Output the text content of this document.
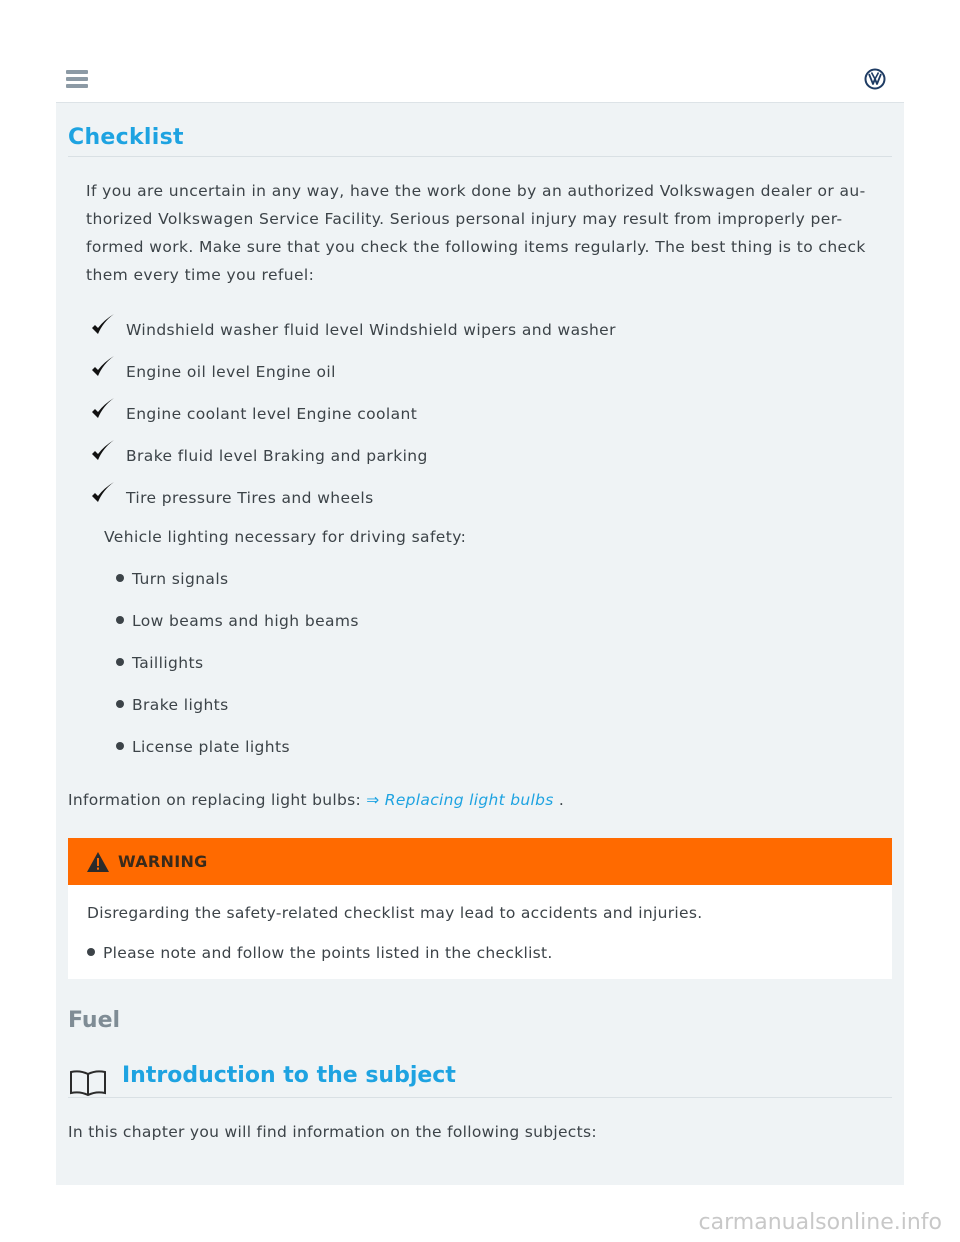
Checklist
If you are uncertain in any way, have the work done by an authorized Volkswagen dealer or au-
thorized Volkswagen Service Facility. Serious personal injury may result from improperly per-
formed work. Make sure that you check the following items regularly. The best thing is to check
them every time you refuel:
Windshield washer fluid level Windshield wipers and washer
Engine oil level Engine oil
Engine coolant level Engine coolant
Brake fluid level Braking and parking
Tire pressure Tires and wheels
Vehicle lighting necessary for driving safety:
Turn signals
Low beams and high beams
Taillights
Brake lights
License plate lights
Information on replacing light bulbs: ⇒ Replacing light bulbs .
WARNING
Disregarding the safety-related checklist may lead to accidents and injuries.
Please note and follow the points listed in the checklist.
Fuel
Introduction to the subject
In this chapter you will find information on the following subjects:
carmanualsonline.info
